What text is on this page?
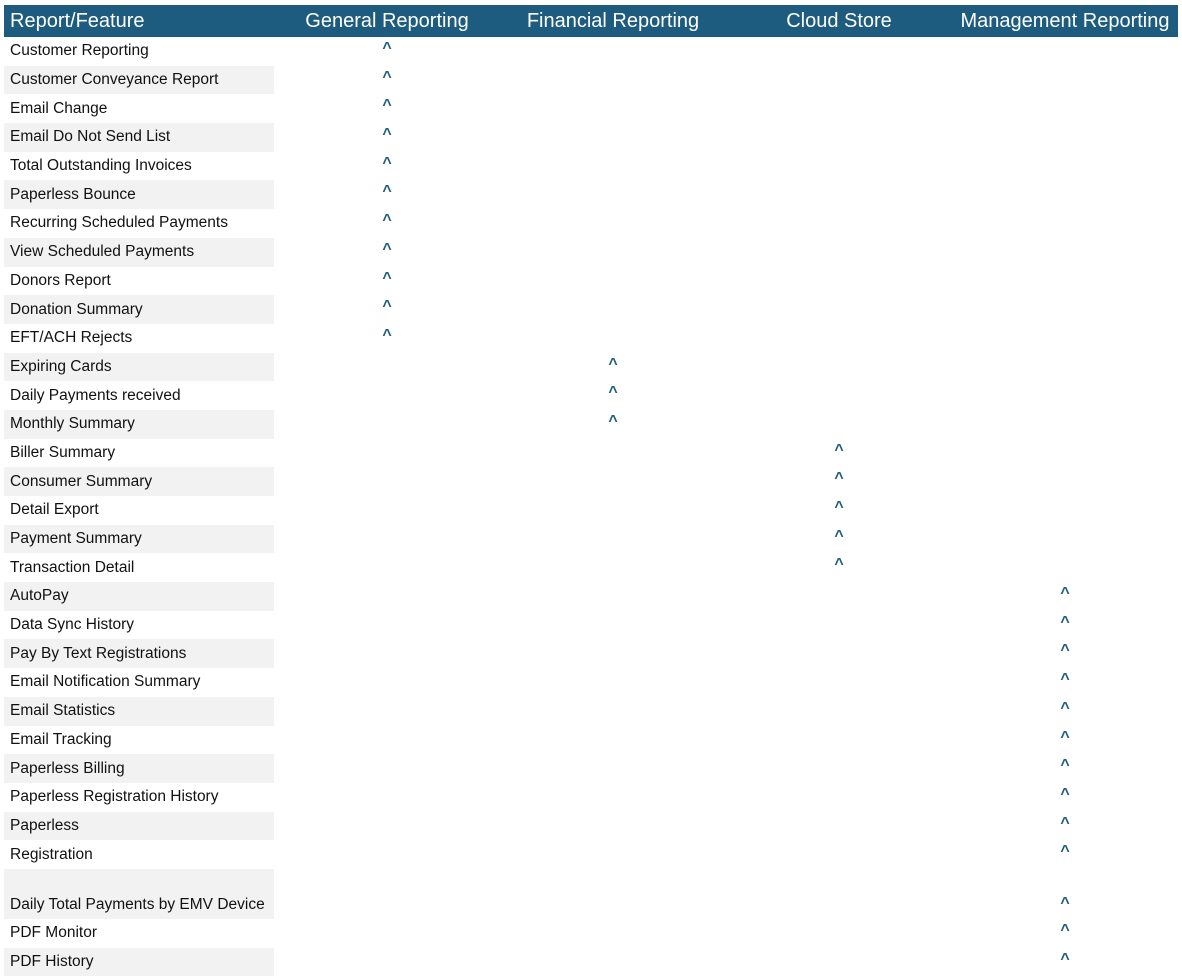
Report/Feature	General Reporting	Financial Reporting	Cloud Store	Management Reporting
Customer Reporting	^			
Customer Conveyance Report	^			
Email Change	^			
Email Do Not Send List	^			
Total Outstanding Invoices	^			
Paperless Bounce	^			
Recurring Scheduled Payments	^			
View Scheduled Payments	^			
Donors Report	^			
Donation Summary	^			
EFT/ACH Rejects	^			
Expiring Cards		^		
Daily Payments received		^		
Monthly Summary		^		
Biller Summary			^	
Consumer Summary			^	
Detail Export			^	
Payment Summary			^	
Transaction Detail			^	
AutoPay				^
Data Sync History				^
Pay By Text Registrations				^
Email Notification Summary				^
Email Statistics				^
Email Tracking				^
Paperless Billing				^
Paperless Registration History				^
Paperless				^
Registration				^
Daily Total Payments by EMV Device				^
PDF Monitor				^
PDF History				^
